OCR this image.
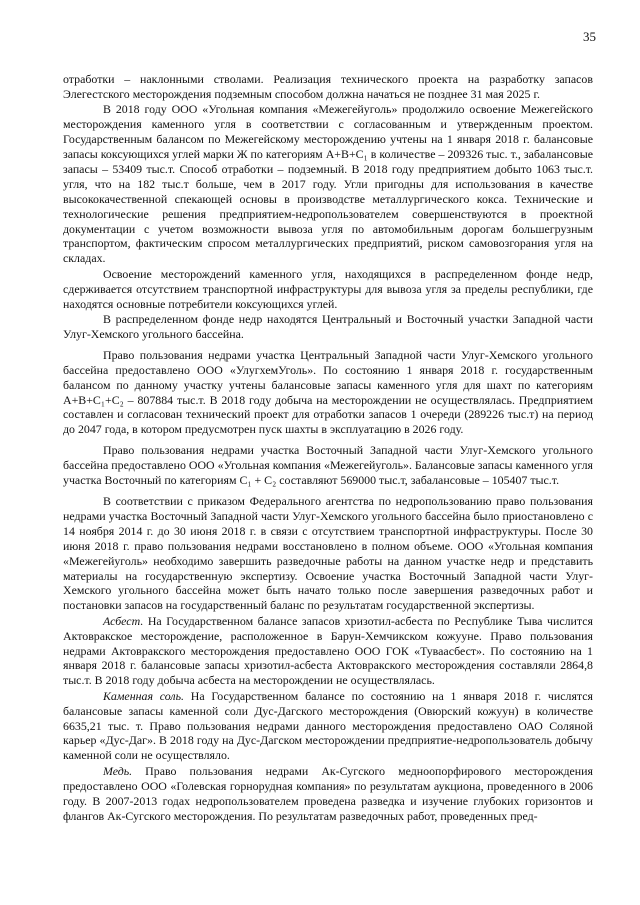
35

отработки – наклонными стволами. Реализация технического проекта на разработку запасов Элегестского месторождения подземным способом должна начаться не позднее 31 мая 2025 г.

В 2018 году ООО «Угольная компания «Межегейуголь» продолжило освоение Межегейского месторождения каменного угля в соответствии с согласованным и утвержденным проектом. Государственным балансом по Межегейскому месторождению учтены на 1 января 2018 г. балансовые запасы коксующихся углей марки Ж по категориям А+В+С₁ в количестве – 209326 тыс. т., забалансовые запасы – 53409 тыс.т. Способ отработки – подземный. В 2018 году предприятием добыто 1063 тыс.т. угля, что на 182 тыс.т больше, чем в 2017 году. Угли пригодны для использования в качестве высококачественной спекающей основы в производстве металлургического кокса. Технические и технологические решения предприятием-недропользователем совершенствуются в проектной документации с учетом возможности вывоза угля по автомобильным дорогам большегрузным транспортом, фактическим спросом металлургических предприятий, риском самовозгорания угля на складах.

Освоение месторождений каменного угля, находящихся в распределенном фонде недр, сдерживается отсутствием транспортной инфраструктуры для вывоза угля за пределы республики, где находятся основные потребители коксующихся углей.

В распределенном фонде недр находятся Центральный и Восточный участки Западной части Улуг-Хемского угольного бассейна.

Право пользования недрами участка Центральный Западной части Улуг-Хемского угольного бассейна предоставлено ООО «УлугхемУголь». По состоянию 1 января 2018 г. государственным балансом по данному участку учтены балансовые запасы каменного угля для шахт по категориям А+В+С₁+С₂ – 807884 тыс.т. В 2018 году добыча на месторождении не осуществлялась. Предприятием составлен и согласован технический проект для отработки запасов 1 очереди (289226 тыс.т) на период до 2047 года, в котором предусмотрен пуск шахты в эксплуатацию в 2026 году.

Право пользования недрами участка Восточный Западной части Улуг-Хемского угольного бассейна предоставлено ООО «Угольная компания «Межегейуголь». Балансовые запасы каменного угля участка Восточный по категориям С₁ + С₂ составляют 569000 тыс.т, забалансовые – 105407 тыс.т.

В соответствии с приказом Федерального агентства по недропользованию право пользования недрами участка Восточный Западной части Улуг-Хемского угольного бассейна было приостановлено с 14 ноября 2014 г. до 30 июня 2018 г. в связи с отсутствием транспортной инфраструктуры. После 30 июня 2018 г. право пользования недрами восстановлено в полном объеме. ООО «Угольная компания «Межегейуголь» необходимо завершить разведочные работы на данном участке недр и представить материалы на государственную экспертизу. Освоение участка Восточный Западной части Улуг-Хемского угольного бассейна может быть начато только после завершения разведочных работ и постановки запасов на государственный баланс по результатам государственной экспертизы.

Асбест. На Государственном балансе запасов хризотил-асбеста по Республике Тыва числится Актовракское месторождение, расположенное в Барун-Хемчикском кожууне. Право пользования недрами Актовракского месторождения предоставлено ООО ГОК «Туваасбест». По состоянию на 1 января 2018 г. балансовые запасы хризотил-асбеста Актовракского месторождения составляли 2864,8 тыс.т. В 2018 году добыча асбеста на месторождении не осуществлялась.

Каменная соль. На Государственном балансе по состоянию на 1 января 2018 г. числятся балансовые запасы каменной соли Дус-Дагского месторождения (Овюрский кожуун) в количестве 6635,21 тыс. т. Право пользования недрами данного месторождения предоставлено ОАО Соляной карьер «Дус-Даг». В 2018 году на Дус-Дагском месторождении предприятие-недропользователь добычу каменной соли не осуществляло.

Медь. Право пользования недрами Ак-Сугского медноопорфирового месторождения предоставлено ООО «Голевская горнорудная компания» по результатам аукциона, проведенного в 2006 году. В 2007-2013 годах недропользователем проведена разведка и изучение глубоких горизонтов и флангов Ак-Сугского месторождения. По результатам разведочных работ, проведенных пред-
